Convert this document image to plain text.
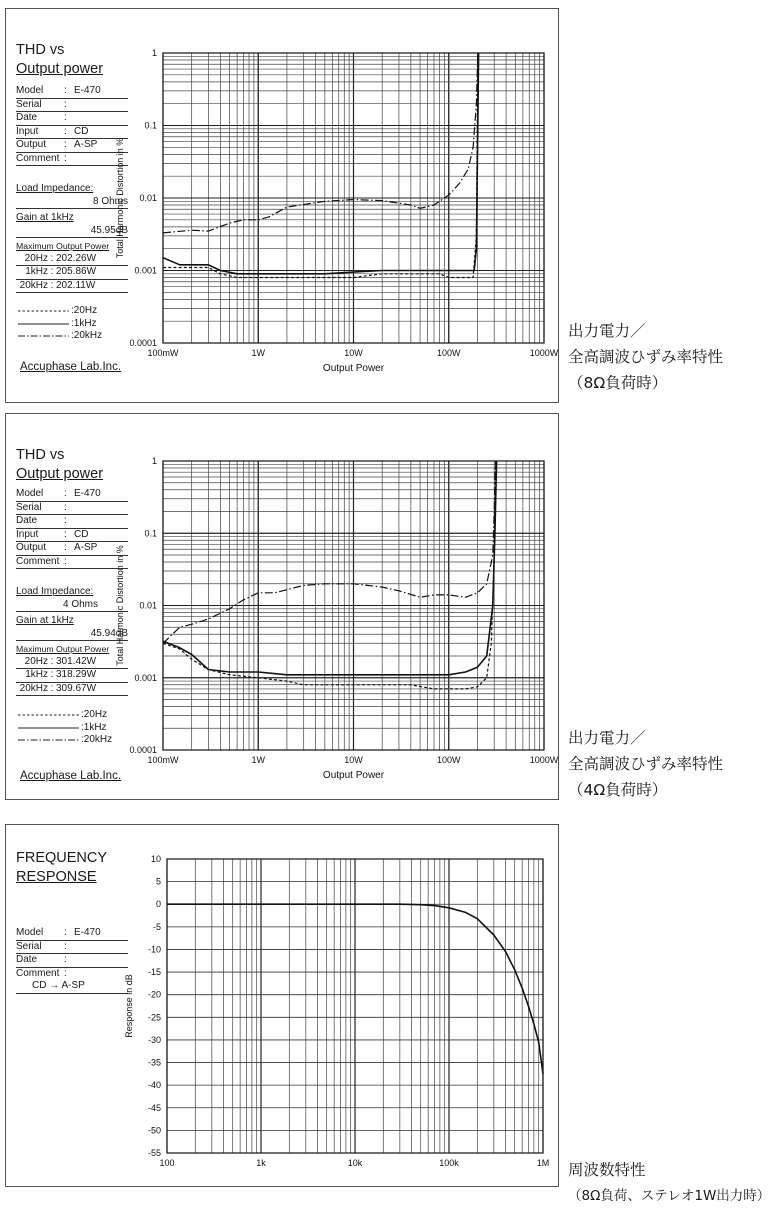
THD vs
Output power
Model	: E-470
Serial	:
Date	:
Input	: CD
Output	: A-SP
Comment :
Load Impedance:
8 Ohms
Gain at 1kHz
45.95dB
Maximum Output Power
20Hz : 202.26W
1kHz : 205.86W
20kHz : 202.11W
:20Hz
:1kHz
:20kHz
Accuphase Lab.Inc.
100mW	1W	10W	100W	1000W
1
0.1
0.01
0.001
0.0001
Output Power
Total Harmonic Distortion in %
出力電力／
全高調波ひずみ率特性
（8Ω負荷時）
THD vs
Output power
Model	: E-470
Serial	:
Date	:
Input	: CD
Output	: A-SP
Comment :
Load Impedance:
4 Ohms
Gain at 1kHz
45.94dB
Maximum Output Power
20Hz : 301.42W
1kHz : 318.29W
20kHz : 309.67W
:20Hz
:1kHz
:20kHz
Accuphase Lab.Inc.
100mW	1W	10W	100W	1000W
1
0.1
0.01
0.001
0.0001
Output Power
Total Harmonic Distortion in %
出力電力／
全高調波ひずみ率特性
（4Ω負荷時）
FREQUENCY
RESPONSE
Model	: E-470
Serial	:
Date	:
Comment :
CD → A-SP
100	1k	10k	100k	1M
10
5
0
-5
-10
-15
-20
-25
-30
-35
-40
-45
-50
-55
Response in dB
周波数特性
（8Ω負荷、ステレオ1W出力時）
